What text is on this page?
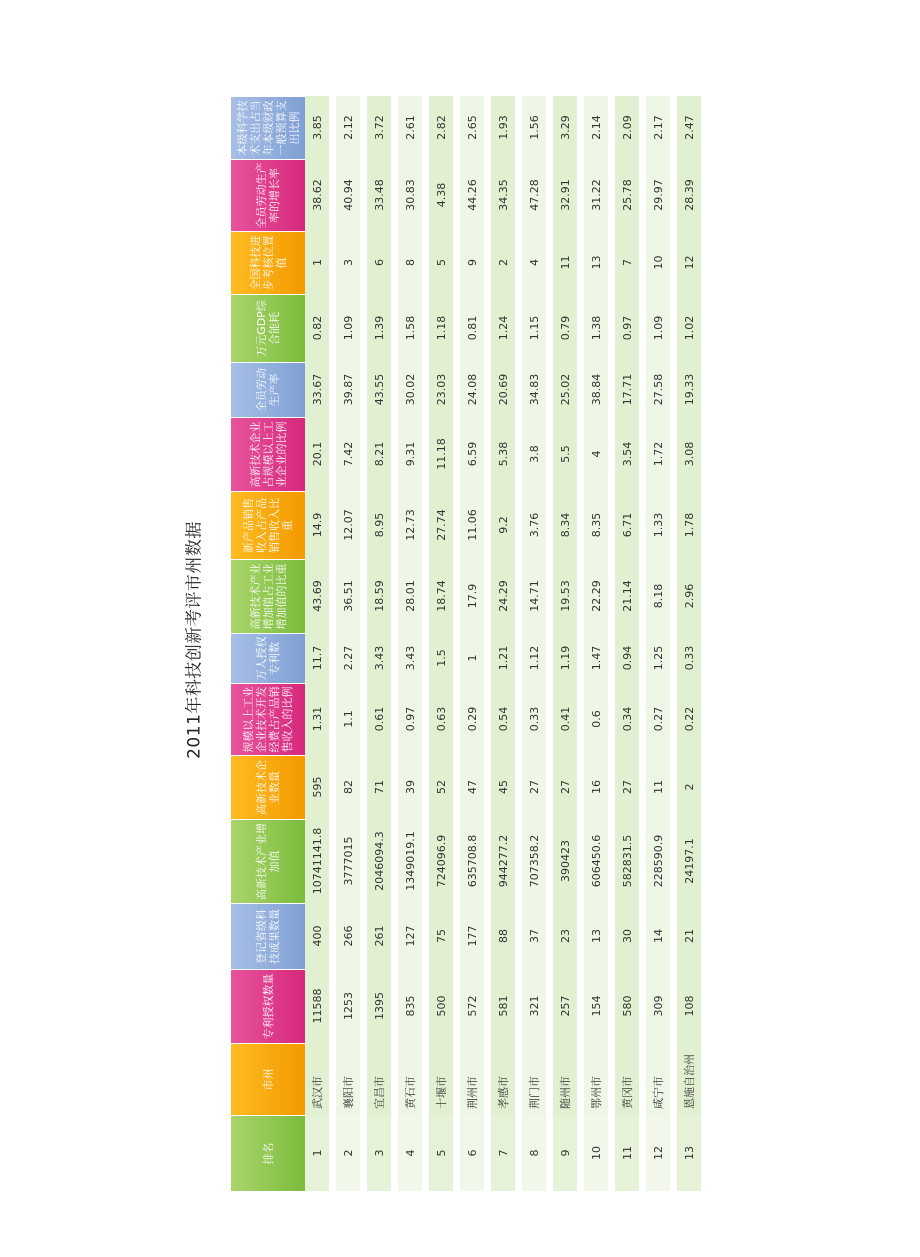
2011年科技创新考评市州数据
排名	市州	专利授权数量	登记省级科技成果数量	高新技术产业增加值	高新技术企业数量	规模以上工业企业技术开发经费占产品销售收入的比例	万人授权专利数	高新技术产业增加值占工业增加值的比重	新产品销售收入占产品销售收入比重	高新技术企业占规模以上工业企业的比例	全员劳动生产率	万元GDP综合能耗	全国科技进步考核位置值	全员劳动生产率的增长率	本级科学技术支出占当年本级财政一般预算支出比例
1	武汉市	11588	400	10741141.8	595	1.31	11.7	43.69	14.9	20.1	33.67	0.82	1	38.62	3.85

2	襄阳市	1253	266	3777015	82	1.1	2.27	36.51	12.07	7.42	39.87	1.09	3	40.94	2.12

3	宜昌市	1395	261	2046094.3	71	0.61	3.43	18.59	8.95	8.21	43.55	1.39	6	33.48	3.72

4	黄石市	835	127	1349019.1	39	0.97	3.43	28.01	12.73	9.31	30.02	1.58	8	30.83	2.61

5	十堰市	500	75	724096.9	52	0.63	1.5	18.74	27.74	11.18	23.03	1.18	5	4.38	2.82

6	荆州市	572	177	635708.8	47	0.29	1	17.9	11.06	6.59	24.08	0.81	9	44.26	2.65

7	孝感市	581	88	944277.2	45	0.54	1.21	24.29	9.2	5.38	20.69	1.24	2	34.35	1.93

8	荆门市	321	37	707358.2	27	0.33	1.12	14.71	3.76	3.8	34.83	1.15	4	47.28	1.56

9	随州市	257	23	390423	27	0.41	1.19	19.53	8.34	5.5	25.02	0.79	11	32.91	3.29

10	鄂州市	154	13	606450.6	16	0.6	1.47	22.29	8.35	4	38.84	1.38	13	31.22	2.14

11	黄冈市	580	30	582831.5	27	0.34	0.94	21.14	6.71	3.54	17.71	0.97	7	25.78	2.09

12	咸宁市	309	14	228590.9	11	0.27	1.25	8.18	1.33	1.72	27.58	1.09	10	29.97	2.17

13	恩施自治州	108	21	24197.1	2	0.22	0.33	2.96	1.78	3.08	19.33	1.02	12	28.39	2.47
